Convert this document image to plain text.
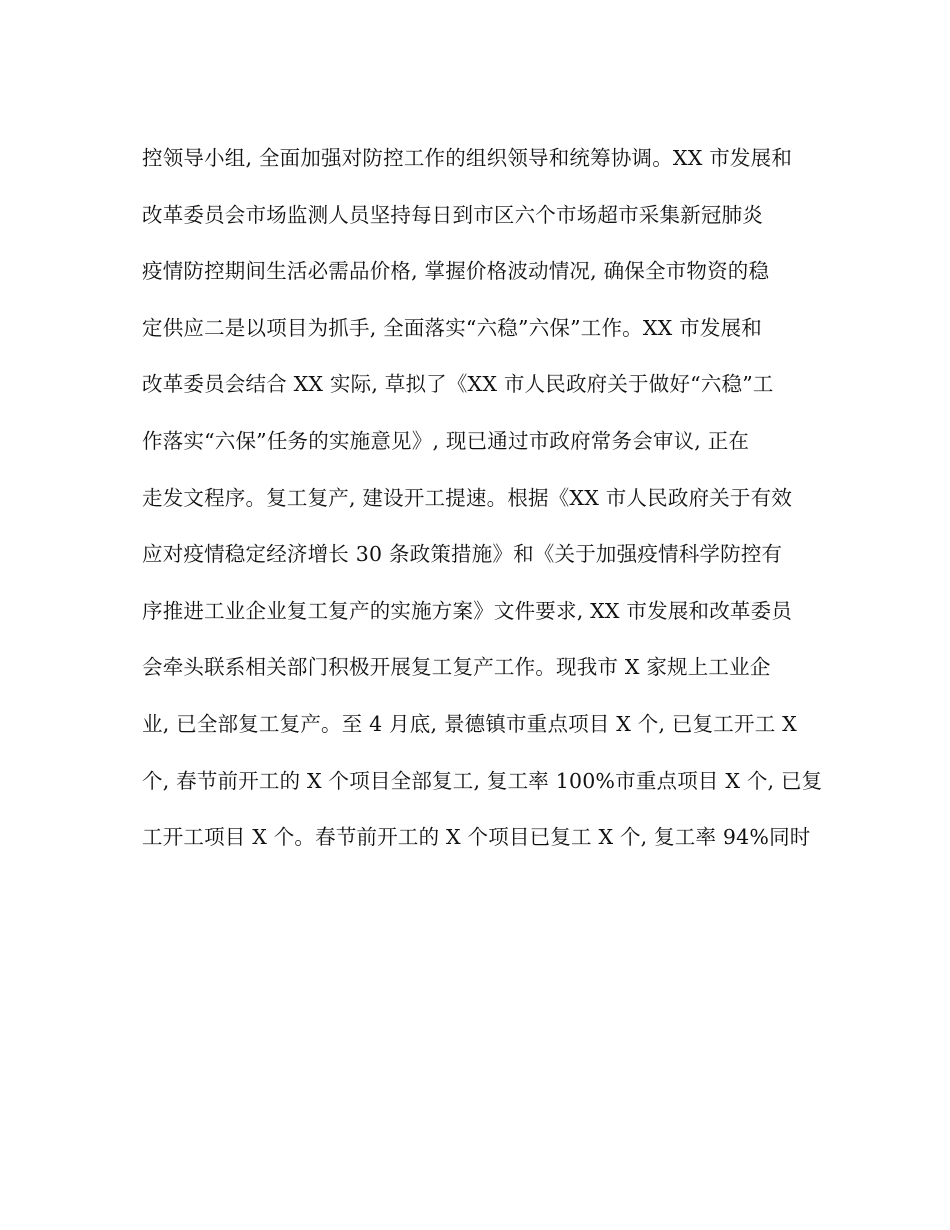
控领导小组, 全面加强对防控工作的组织领导和统筹协调。XX 市发展和
改革委员会市场监测人员坚持每日到市区六个市场超市采集新冠肺炎
疫情防控期间生活必需品价格, 掌握价格波动情况, 确保全市物资的稳
定供应二是以项目为抓手, 全面落实“六稳”六保”工作。XX 市发展和
改革委员会结合 XX 实际, 草拟了《XX 市人民政府关于做好“六稳”工
作落实“六保”任务的实施意见》, 现已通过市政府常务会审议, 正在
走发文程序。复工复产, 建设开工提速。根据《XX 市人民政府关于有效
应对疫情稳定经济增长 30 条政策措施》和《关于加强疫情科学防控有
序推进工业企业复工复产的实施方案》文件要求, XX 市发展和改革委员
会牵头联系相关部门积极开展复工复产工作。现我市 X 家规上工业企
业, 已全部复工复产。至 4 月底, 景德镇市重点项目 X 个, 已复工开工 X
个, 春节前开工的 X 个项目全部复工, 复工率 100%市重点项目 X 个, 已复
工开工项目 X 个。春节前开工的 X 个项目已复工 X 个, 复工率 94%同时
